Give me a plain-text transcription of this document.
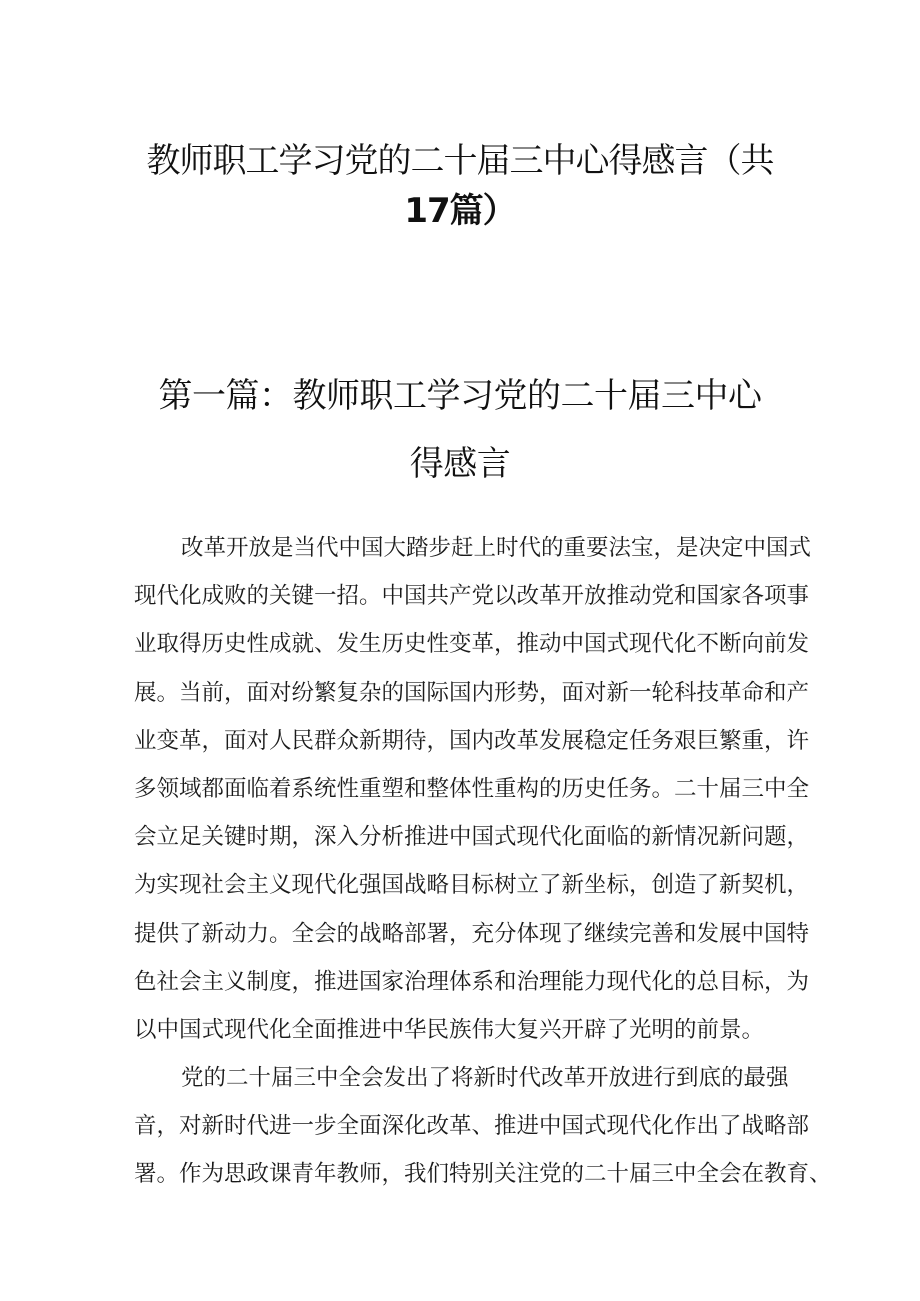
教师职工学习党的二十届三中心得感言（共
17篇）
第一篇：教师职工学习党的二十届三中心
得感言

改革开放是当代中国大踏步赶上时代的重要法宝，是决定中国式
现代化成败的关键一招。中国共产党以改革开放推动党和国家各项事
业取得历史性成就、发生历史性变革，推动中国式现代化不断向前发
展。当前，面对纷繁复杂的国际国内形势，面对新一轮科技革命和产
业变革，面对人民群众新期待，国内改革发展稳定任务艰巨繁重，许
多领域都面临着系统性重塑和整体性重构的历史任务。二十届三中全
会立足关键时期，深入分析推进中国式现代化面临的新情况新问题，
为实现社会主义现代化强国战略目标树立了新坐标，创造了新契机，
提供了新动力。全会的战略部署，充分体现了继续完善和发展中国特
色社会主义制度，推进国家治理体系和治理能力现代化的总目标，为
以中国式现代化全面推进中华民族伟大复兴开辟了光明的前景。

党的二十届三中全会发出了将新时代改革开放进行到底的最强
音，对新时代进一步全面深化改革、推进中国式现代化作出了战略部
署。作为思政课青年教师，我们特别关注党的二十届三中全会在教育、
